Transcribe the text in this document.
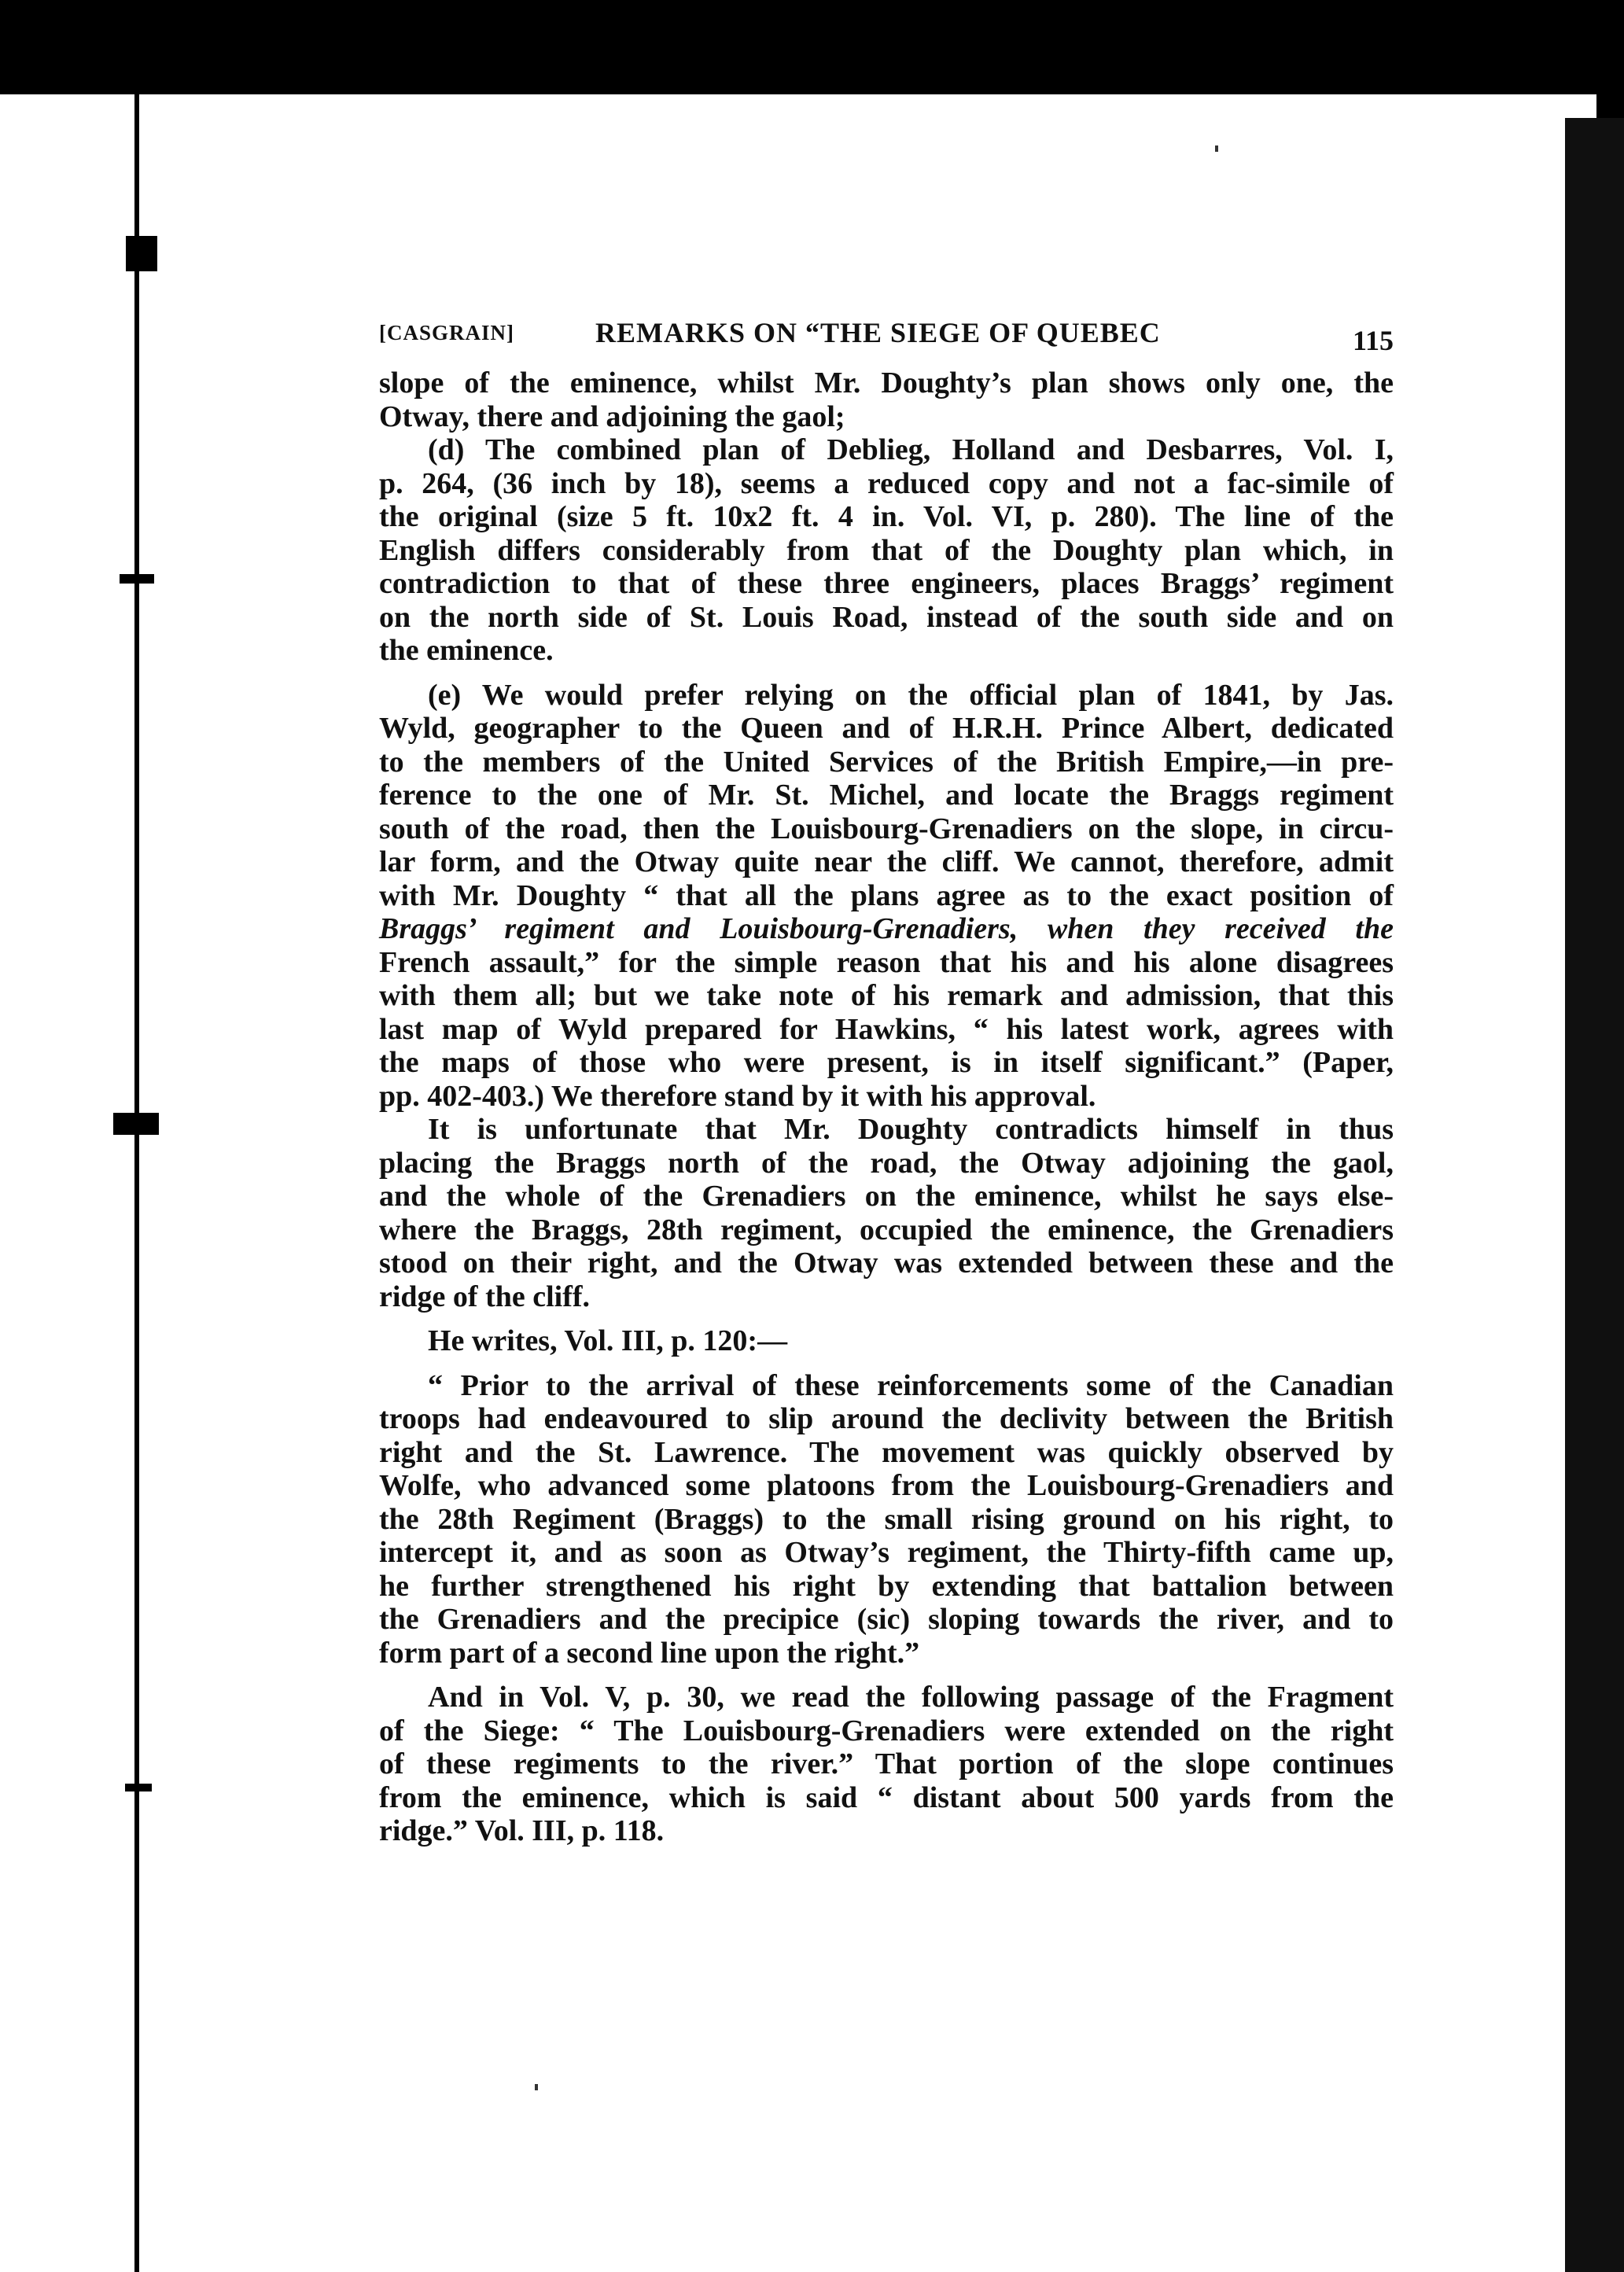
[CASGRAIN]	REMARKS ON “THE SIEGE OF QUEBEC	115
slope of the eminence, whilst Mr. Doughty’s plan shows only one, the
Otway, there and adjoining the gaol;
(d) The combined plan of Deblieg, Holland and Desbarres, Vol. I,
p. 264, (36 inch by 18), seems a reduced copy and not a fac-simile of
the original (size 5 ft. 10x2 ft. 4 in. Vol. VI, p. 280). The line of the
English differs considerably from that of the Doughty plan which, in
contradiction to that of these three engineers, places Braggs’ regiment
on the north side of St. Louis Road, instead of the south side and on
the eminence.
(e) We would prefer relying on the official plan of 1841, by Jas.
Wyld, geographer to the Queen and of H.R.H. Prince Albert, dedicated
to the members of the United Services of the British Empire,—in pre-
ference to the one of Mr. St. Michel, and locate the Braggs regiment
south of the road, then the Louisbourg-Grenadiers on the slope, in circu-
lar form, and the Otway quite near the cliff. We cannot, therefore, admit
with Mr. Doughty “ that all the plans agree as to the exact position of
Braggs’ regiment and Louisbourg-Grenadiers, when they received the
French assault,” for the simple reason that his and his alone disagrees
with them all; but we take note of his remark and admission, that this
last map of Wyld prepared for Hawkins, “ his latest work, agrees with
the maps of those who were present, is in itself significant.” (Paper,
pp. 402-403.) We therefore stand by it with his approval.
It is unfortunate that Mr. Doughty contradicts himself in thus
placing the Braggs north of the road, the Otway adjoining the gaol,
and the whole of the Grenadiers on the eminence, whilst he says else-
where the Braggs, 28th regiment, occupied the eminence, the Grenadiers
stood on their right, and the Otway was extended between these and the
ridge of the cliff.
He writes, Vol. III, p. 120:—
“ Prior to the arrival of these reinforcements some of the Canadian
troops had endeavoured to slip around the declivity between the British
right and the St. Lawrence. The movement was quickly observed by
Wolfe, who advanced some platoons from the Louisbourg-Grenadiers and
the 28th Regiment (Braggs) to the small rising ground on his right, to
intercept it, and as soon as Otway’s regiment, the Thirty-fifth came up,
he further strengthened his right by extending that battalion between
the Grenadiers and the precipice (sic) sloping towards the river, and to
form part of a second line upon the right.”
And in Vol. V, p. 30, we read the following passage of the Fragment
of the Siege: “ The Louisbourg-Grenadiers were extended on the right
of these regiments to the river.” That portion of the slope continues
from the eminence, which is said “ distant about 500 yards from the
ridge.” Vol. III, p. 118.
